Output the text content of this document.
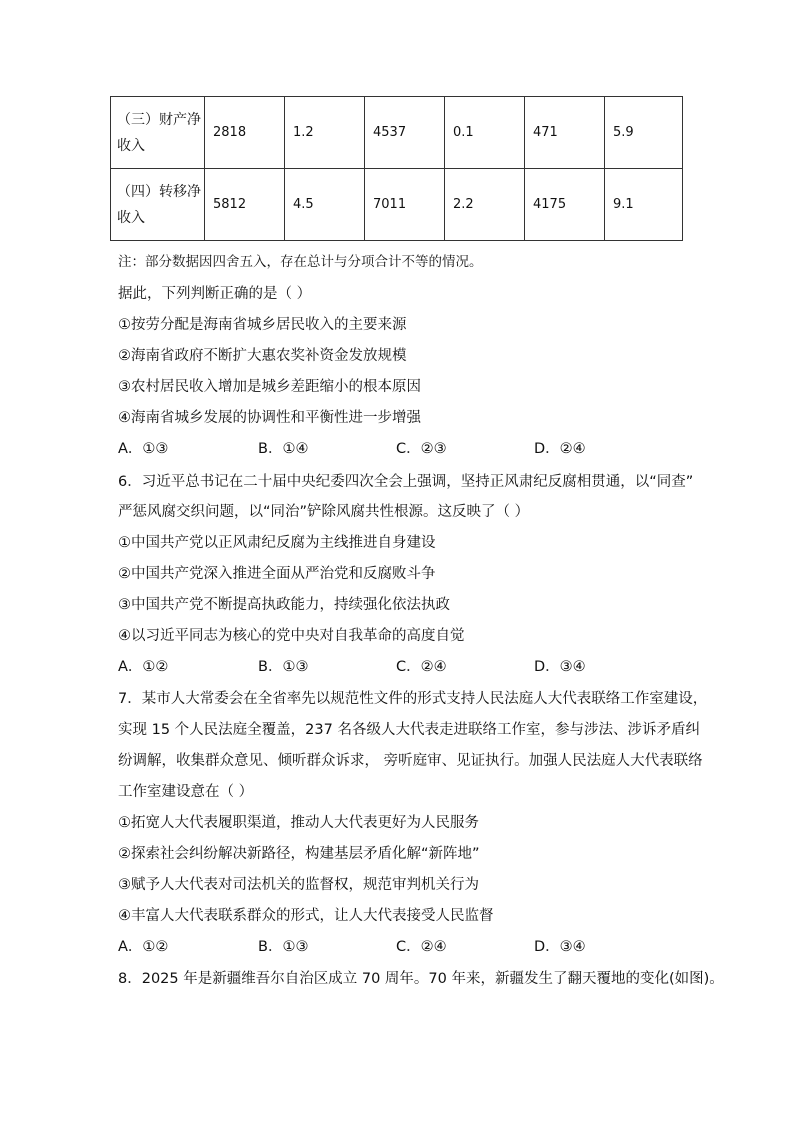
（三）财产净
收入	2818	1.2	4537	0.1	471	5.9
（四）转移净
收入	5812	4.5	7011	2.2	4175	9.1
注：部分数据因四舍五入，存在总计与分项合计不等的情况。
据此，下列判断正确的是（ ）
①按劳分配是海南省城乡居民收入的主要来源
②海南省政府不断扩大惠农奖补资金发放规模
③农村居民收入增加是城乡差距缩小的根本原因
④海南省城乡发展的协调性和平衡性进一步增强
A．①③	B．①④	C．②③	D．②④
6．习近平总书记在二十届中央纪委四次全会上强调，坚持正风肃纪反腐相贯通，以“同查”
严惩风腐交织问题，以“同治”铲除风腐共性根源。这反映了（ ）
①中国共产党以正风肃纪反腐为主线推进自身建设
②中国共产党深入推进全面从严治党和反腐败斗争
③中国共产党不断提高执政能力，持续强化依法执政
④以习近平同志为核心的党中央对自我革命的高度自觉
A．①②	B．①③	C．②④	D．③④
7．某市人大常委会在全省率先以规范性文件的形式支持人民法庭人大代表联络工作室建设，
实现 15 个人民法庭全覆盖，237 名各级人大代表走进联络工作室，参与涉法、涉诉矛盾纠
纷调解，收集群众意见、倾听群众诉求， 旁听庭审、见证执行。加强人民法庭人大代表联络
工作室建设意在（ ）
①拓宽人大代表履职渠道，推动人大代表更好为人民服务
②探索社会纠纷解决新路径，构建基层矛盾化解“新阵地”
③赋予人大代表对司法机关的监督权，规范审判机关行为
④丰富人大代表联系群众的形式，让人大代表接受人民监督
A．①②	B．①③	C．②④	D．③④
8．2025 年是新疆维吾尔自治区成立 70 周年。70 年来，新疆发生了翻天覆地的变化(如图)。
